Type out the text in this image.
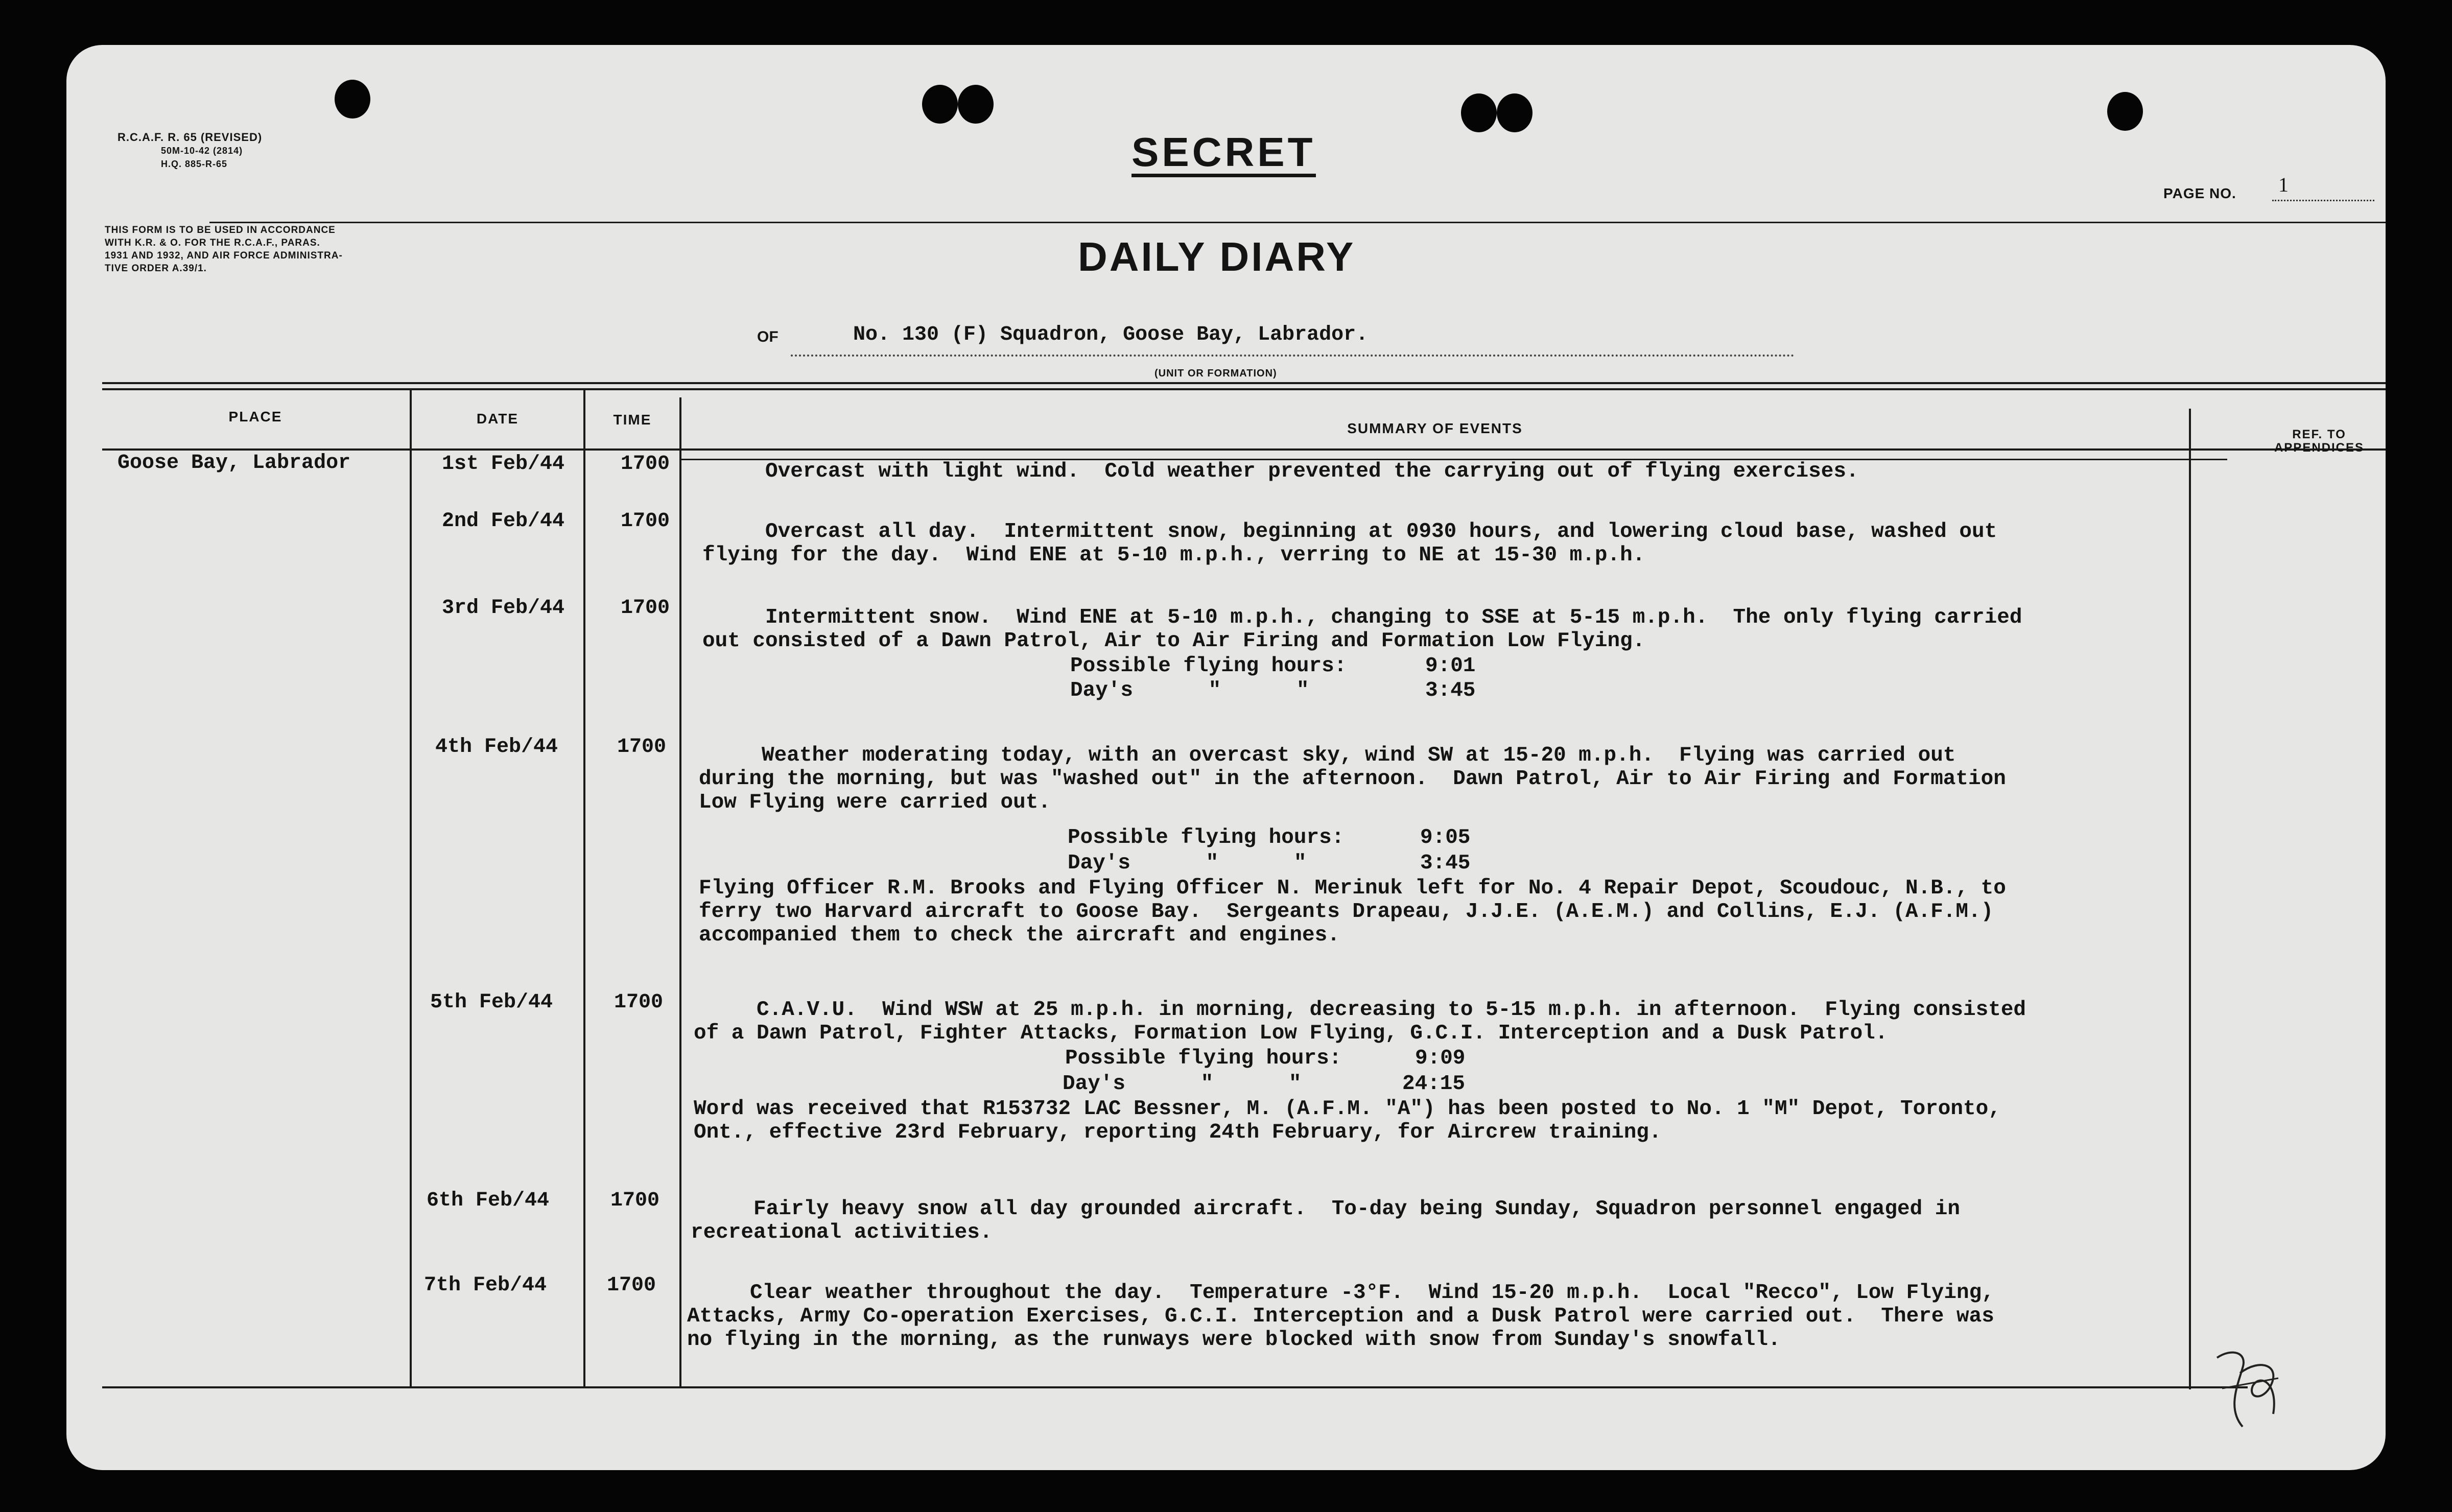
R.C.A.F. R. 65 (REVISED)
50M-10-42 (2814)
H.Q. 885-R-65
THIS FORM IS TO BE USED IN ACCORDANCE
WITH K.R. & O. FOR THE R.C.A.F., PARAS.
1931 AND 1932, AND AIR FORCE ADMINISTRA-
TIVE ORDER A.39/1.
SECRET
PAGE NO. 1
DAILY DIARY
OF	No. 130 (F) Squadron, Goose Bay, Labrador.
(UNIT OR FORMATION)
PLACE	DATE	TIME
SUMMARY OF EVENTS	REF. TO
APPENDICES
Goose Bay, Labrador	1st Feb/44	1700 Overcast with light wind.  Cold weather prevented the carrying out of flying exercises.
2nd Feb/44	1700	Overcast all day.  Intermittent snow, beginning at 0930 hours, and lowering cloud base, washed out
flying for the day.  Wind ENE at 5-10 m.p.h., verring to NE at 15-30 m.p.h.
3rd Feb/44	1700	Intermittent snow.  Wind ENE at 5-10 m.p.h., changing to SSE at 5-15 m.p.h.  The only flying carried
out consisted of a Dawn Patrol, Air to Air Firing and Formation Low Flying.
Possible flying hours:	9:01
Day's      "      "	3:45
4th Feb/44	1700	Weather moderating today, with an overcast sky, wind SW at 15-20 m.p.h.  Flying was carried out
during the morning, but was "washed out" in the afternoon.  Dawn Patrol, Air to Air Firing and Formation
Low Flying were carried out.
Possible flying hours:	9:05
Day's      "      "	3:45
Flying Officer R.M. Brooks and Flying Officer N. Merinuk left for No. 4 Repair Depot, Scoudouc, N.B., to
ferry two Harvard aircraft to Goose Bay.  Sergeants Drapeau, J.J.E. (A.E.M.) and Collins, E.J. (A.F.M.)
accompanied them to check the aircraft and engines.
5th Feb/44	1700	C.A.V.U.  Wind WSW at 25 m.p.h. in morning, decreasing to 5-15 m.p.h. in afternoon.  Flying consisted
of a Dawn Patrol, Fighter Attacks, Formation Low Flying, G.C.I. Interception and a Dusk Patrol.
Possible flying hours:	9:09
Day's      "      "	24:15
Word was received that R153732 LAC Bessner, M. (A.F.M. "A") has been posted to No. 1 "M" Depot, Toronto,
Ont., effective 23rd February, reporting 24th February, for Aircrew training.
6th Feb/44	1700	Fairly heavy snow all day grounded aircraft.  To-day being Sunday, Squadron personnel engaged in
recreational activities.
7th Feb/44	1700	Clear weather throughout the day.  Temperature -3°F.  Wind 15-20 m.p.h.  Local "Recco", Low Flying,
Attacks, Army Co-operation Exercises, G.C.I. Interception and a Dusk Patrol were carried out.  There was
no flying in the morning, as the runways were blocked with snow from Sunday's snowfall.
